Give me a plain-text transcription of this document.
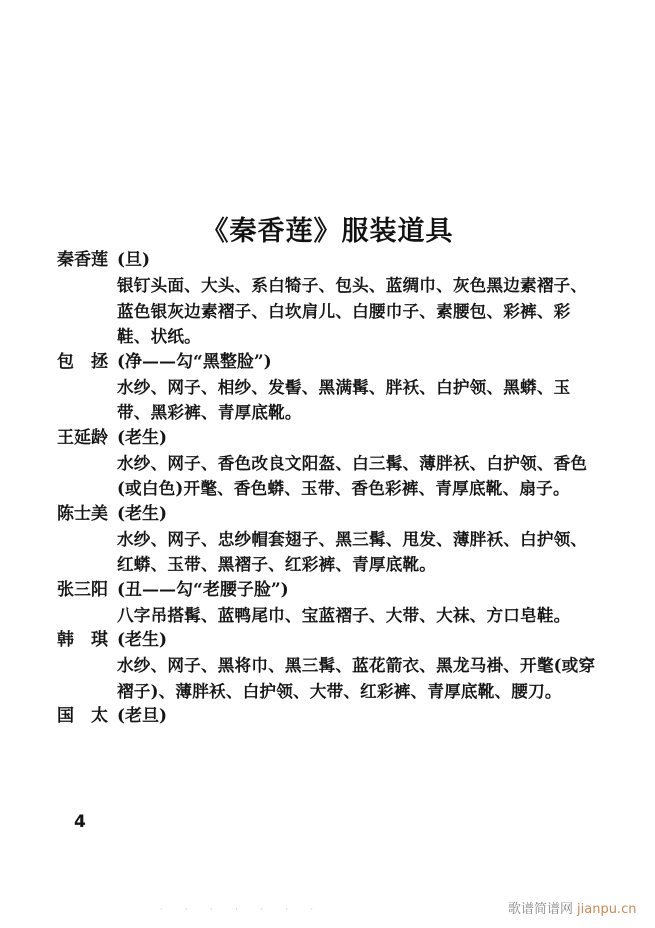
《秦香莲》服装道具
秦香莲 (旦)
银钉头面、大头、系白犄子、包头、蓝绸巾、灰色黑边素褶子、蓝色银灰边素褶子、白坎肩儿、白腰巾子、素腰包、彩裤、彩鞋、状纸。
包　拯 (净——勾“黑整脸”)
水纱、网子、相纱、发髻、黑满髯、胖袄、白护领、黑蟒、玉带、黑彩裤、青厚底靴。
王延龄 (老生)
水纱、网子、香色改良文阳盔、白三髯、薄胖袄、白护领、香色(或白色)开氅、香色蟒、玉带、香色彩裤、青厚底靴、扇子。
陈士美 (老生)
水纱、网子、忠纱帽套翅子、黑三髯、甩发、薄胖袄、白护领、红蟒、玉带、黑褶子、红彩裤、青厚底靴。
张三阳 (丑——勾“老腰子脸”)
八字吊搭髯、蓝鸭尾巾、宝蓝褶子、大带、大袜、方口皂鞋。
韩　琪 (老生)
水纱、网子、黑将巾、黑三髯、蓝花箭衣、黑龙马褂、开氅(或穿褶子)、薄胖袄、白护领、大带、红彩裤、青厚底靴、腰刀。
国　太 (老旦)
4
· · · · · · ·	歌谱简谱网 jianpu.cn
